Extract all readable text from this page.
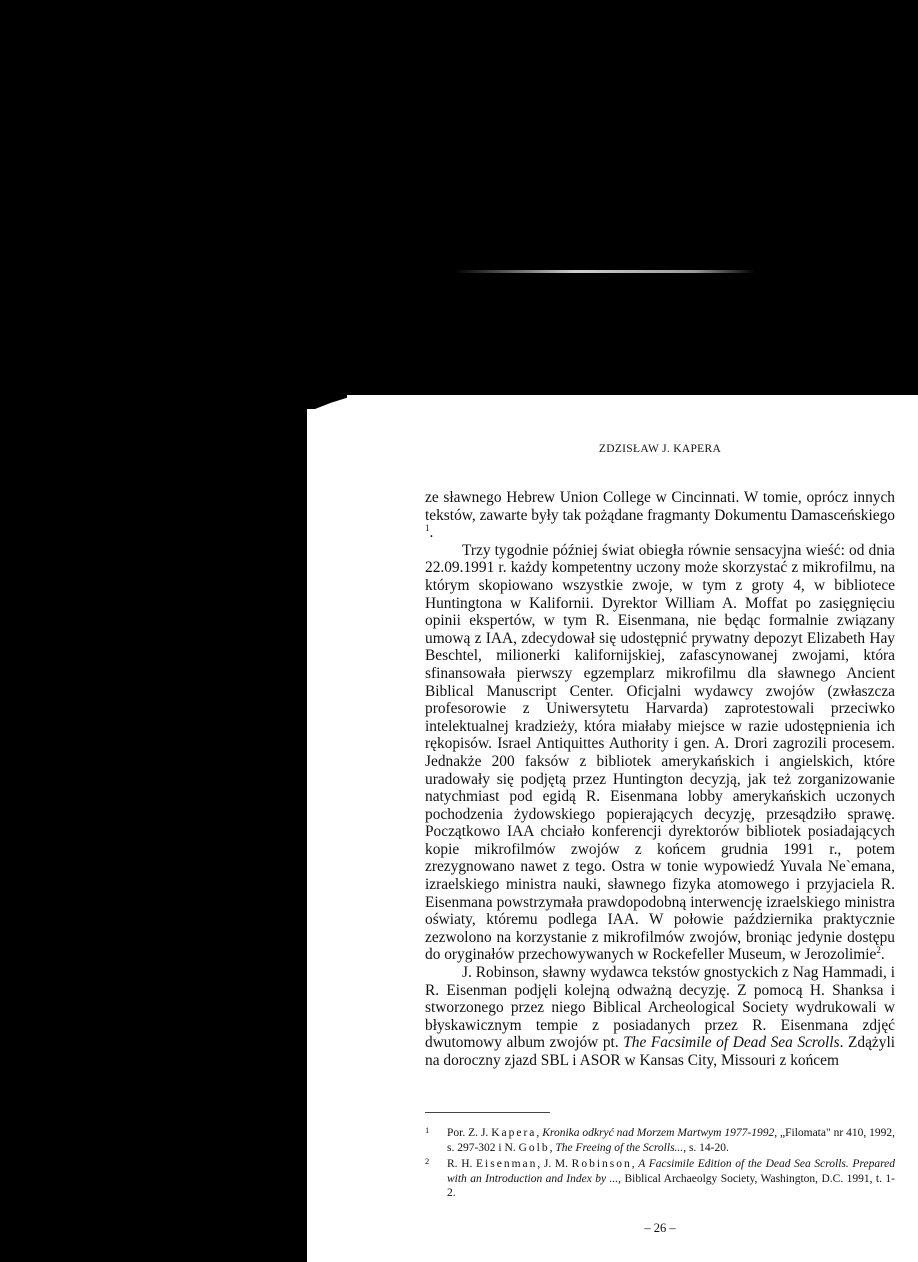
ZDZISŁAW J. KAPERA

ze sławnego Hebrew Union College w Cincinnati. W tomie, oprócz innych tekstów, zawarte były tak pożądane fragmanty Dokumentu Damasceńskiego $^1$.

Trzy tygodnie później świat obiegła równie sensacyjna wieść: od dnia 22.09.1991 r. każdy kompetentny uczony może skorzystać z mikrofilmu, na którym skopiowano wszystkie zwoje, w tym z groty 4, w bibliotece Huntingtona w Kalifornii. Dyrektor William A. Moffat po zasięgnięciu opinii ekspertów, w tym R. Eisenmana, nie będąc formalnie związany umową z IAA, zdecydował się udostępnić prywatny depozyt Elizabeth Hay Beschtel, milionerki kalifornijskiej, zafascynowanej zwojami, która sfinansowała pierwszy egzemplarz mikrofilmu dla sławnego Ancient Biblical Manuscript Center. Oficjalni wydawcy zwojów (zwłaszcza profesorowie z Uniwersytetu Harvarda) zaprotestowali przeciwko intelektualnej kradzieży, która miałaby miejsce w razie udostępnienia ich rękopisów. Israel Antiquittes Authority i gen. A. Drori zagrozili procesem. Jednakże 200 faksów z bibliotek amerykańskich i angielskich, które uradowały się podjętą przez Huntington decyzją, jak też zorganizowanie natychmiast pod egidą R. Eisenmana lobby amerykańskich uczonych pochodzenia żydowskiego popierających decyzję, przesądziło sprawę. Początkowo IAA chciało konferencji dyrektorów bibliotek posiadających kopie mikrofilmów zwojów z końcem grudnia 1991 r., potem zrezygnowano nawet z tego. Ostra w tonie wypowiedź Yuvala Ne`emana, izraelskiego ministra nauki, sławnego fizyka atomowego i przyjaciela R. Eisenmana powstrzymała prawdopodobną interwencję izraelskiego ministra oświaty, któremu podlega IAA. W połowie października praktycznie zezwolono na korzystanie z mikrofilmów zwojów, broniąc jedynie dostępu do oryginałów przechowywanych w Rockefeller Museum, w Jerozolimie$^2$.

J. Robinson, sławny wydawca tekstów gnostyckich z Nag Hammadi, i R. Eisenman podjęli kolejną odważną decyzję. Z pomocą H. Shanksa i stworzonego przez niego Biblical Archeological Society wydrukowali w błyskawicznym tempie z posiadanych przez R. Eisenmana zdjęć dwutomowy album zwojów pt. The Facsimile of Dead Sea Scrolls. Zdążyli na doroczny zjazd SBL i ASOR w Kansas City, Missouri z końcem

1 Por. Z. J. Kapera, Kronika odkryć nad Morzem Martwym 1977-1992, „Filomata" nr 410, 1992, s. 297-302 i N. Golb, The Freeing of the Scrolls..., s. 14-20.
2 R. H. Eisenman, J. M. Robinson, A Facsimile Edition of the Dead Sea Scrolls. Prepared with an Introduction and Index by ..., Biblical Archaeolgy Society, Washington, D.C. 1991, t. 1-2.
– 26 –
